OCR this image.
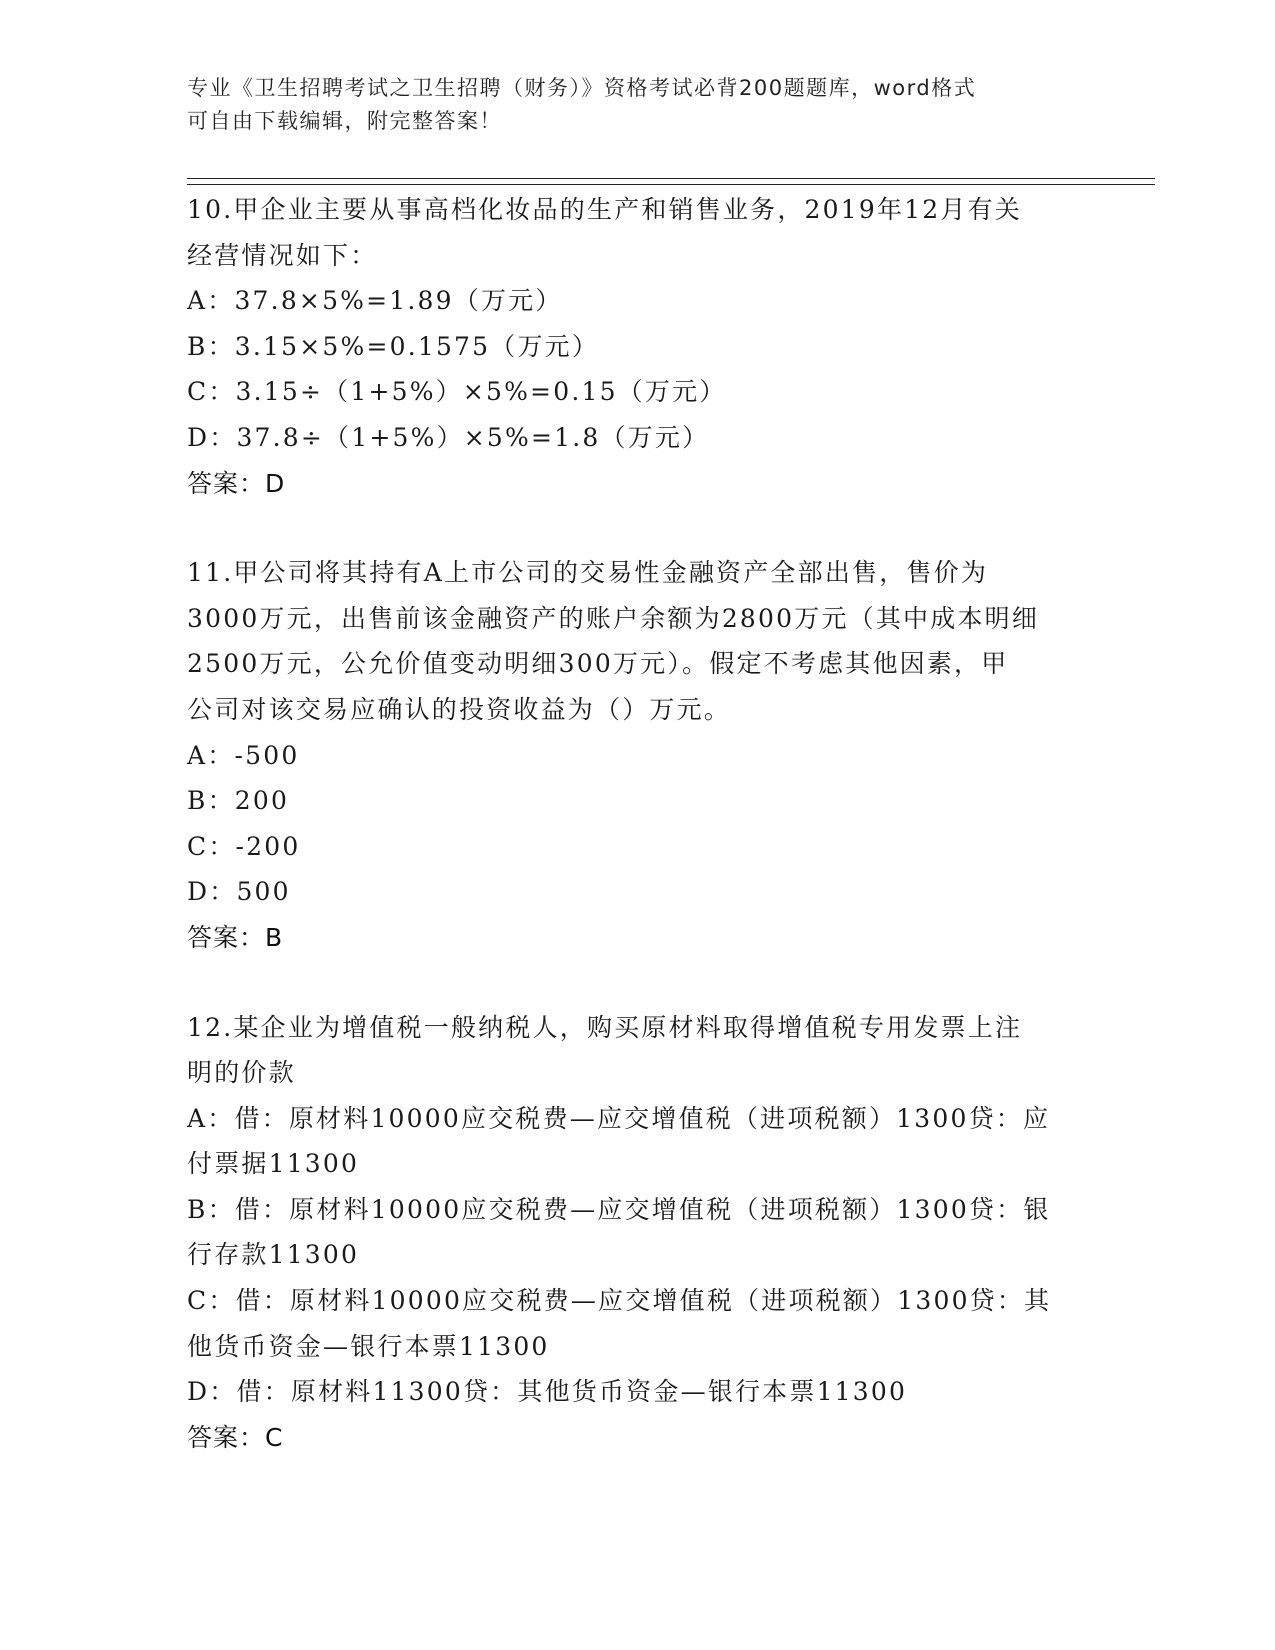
专业《卫生招聘考试之卫生招聘（财务）》资格考试必背200题题库，word格式
可自由下载编辑，附完整答案！
10.甲企业主要从事高档化妆品的生产和销售业务，2019年12月有关
经营情况如下：
A：37.8×5%=1.89（万元）
B：3.15×5%=0.1575（万元）
C：3.15÷（1+5%）×5%=0.15（万元）
D：37.8÷（1+5%）×5%=1.8（万元）
答案：D
11.甲公司将其持有A上市公司的交易性金融资产全部出售，售价为
3000万元，出售前该金融资产的账户余额为2800万元（其中成本明细
2500万元，公允价值变动明细300万元）。假定不考虑其他因素，甲
公司对该交易应确认的投资收益为（）万元。
A：-500
B：200
C：-200
D：500
答案：B
12.某企业为增值税一般纳税人，购买原材料取得增值税专用发票上注
明的价款
A：借：原材料10000应交税费—应交增值税（进项税额）1300贷：应
付票据11300
B：借：原材料10000应交税费—应交增值税（进项税额）1300贷：银
行存款11300
C：借：原材料10000应交税费—应交增值税（进项税额）1300贷：其
他货币资金—银行本票11300
D：借：原材料11300贷：其他货币资金—银行本票11300
答案：C
